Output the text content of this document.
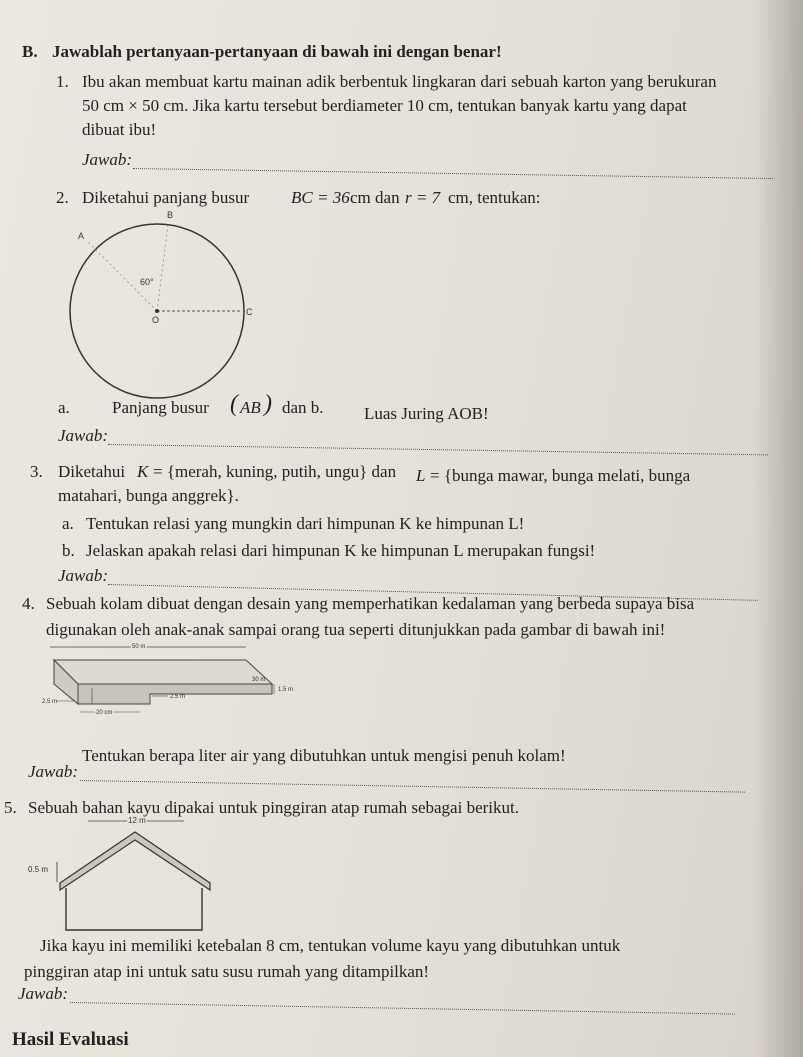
B. Jawablah pertanyaan-pertanyaan di bawah ini dengan benar!
1. Ibu akan membuat kartu mainan adik berbentuk lingkaran dari sebuah karton yang berukuran
50 cm × 50 cm. Jika kartu tersebut berdiameter 10 cm, tentukan banyak kartu yang dapat
dibuat ibu!
Jawab:
2. Diketahui panjang busur BC = 36 cm dan r = 7 cm, tentukan:
B
A
C
O
60°
a. Panjang busur ( AB ) dan b. Luas Juring AOB!
Jawab:
3. Diketahui K = {merah, kuning, putih, ungu} dan L = {bunga mawar, bunga melati, bunga
matahari, bunga anggrek}.
a. Tentukan relasi yang mungkin dari himpunan K ke himpunan L!
b. Jelaskan apakah relasi dari himpunan K ke himpunan L merupakan fungsi!
Jawab:
4. Sebuah kolam dibuat dengan desain yang memperhatikan kedalaman yang berbeda supaya bisa
digunakan oleh anak-anak sampai orang tua seperti ditunjukkan pada gambar di bawah ini!
50 m
30 m
2.5 m
2.5 m
1.5 m
20 cm
Tentukan berapa liter air yang dibutuhkan untuk mengisi penuh kolam!
Jawab:
5. Sebuah bahan kayu dipakai untuk pinggiran atap rumah sebagai berikut.
12 m
0.5 m
Jika kayu ini memiliki ketebalan 8 cm, tentukan volume kayu yang dibutuhkan untuk
pinggiran atap ini untuk satu susu rumah yang ditampilkan!
Jawab:
Hasil Evaluasi
